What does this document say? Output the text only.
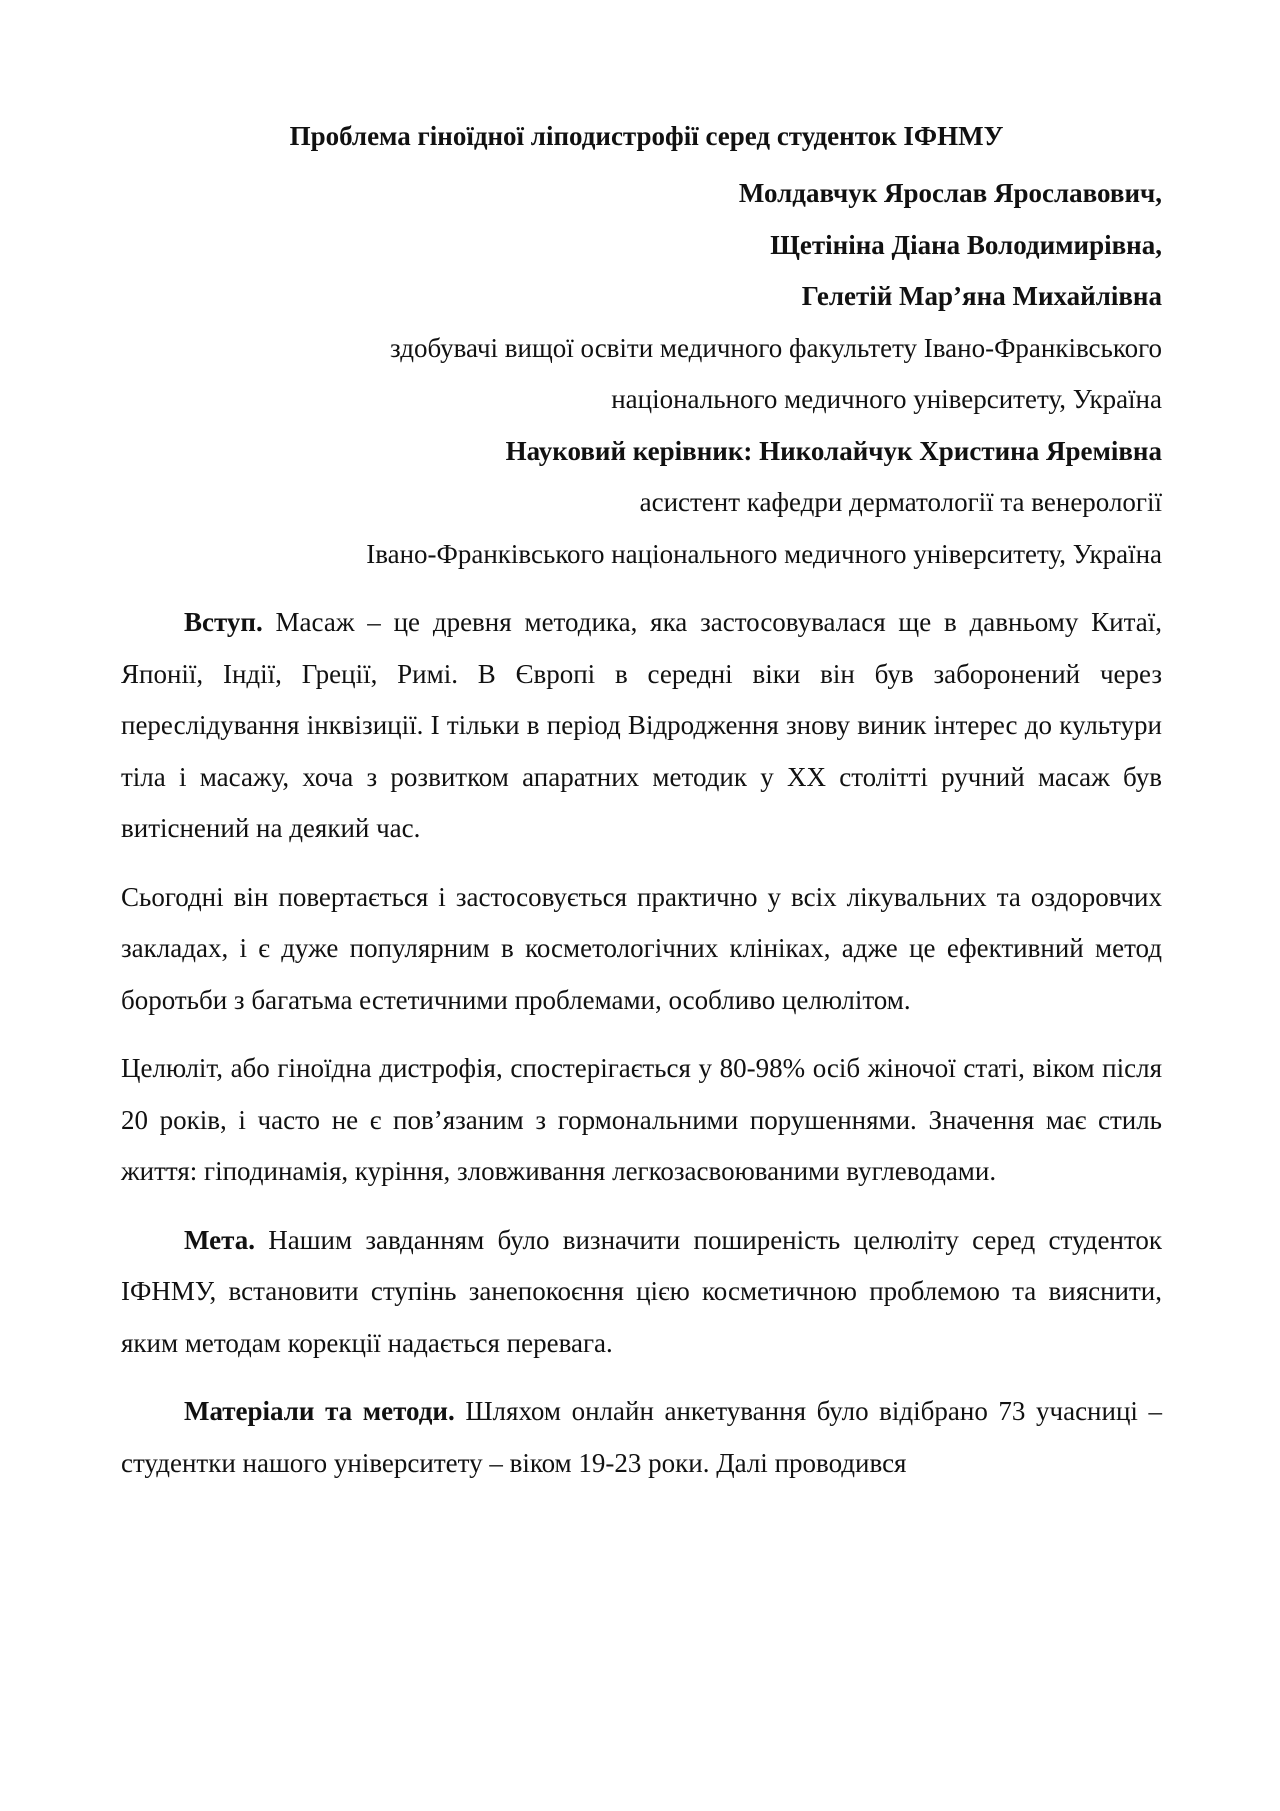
Проблема гіноїдної ліподистрофії серед студенток ІФНМУ
Молдавчук Ярослав Ярославович,
Щетініна Діана Володимирівна,
Гелетій Мар’яна Михайлівна
здобувачі вищої освіти медичного факультету Івано-Франківського
національного медичного університету, Україна
Науковий керівник: Николайчук Христина Яремівна
асистент кафедри дерматології та венерології
Івано-Франківського національного медичного університету, Україна

Вступ. Масаж – це древня методика, яка застосовувалася ще в давньому Китаї, Японії, Індії, Греції, Римі. В Європі в середні віки він був заборонений через переслідування інквізиції. І тільки в період Відродження знову виник інтерес до культури тіла і масажу, хоча з розвитком апаратних методик у XX столітті ручний масаж був витіснений на деякий час.

Сьогодні він повертається і застосовується практично у всіх лікувальних та оздоровчих закладах, і є дуже популярним в косметологічних клініках, адже це ефективний метод боротьби з багатьма естетичними проблемами, особливо целюлітом.

Целюліт, або гіноїдна дистрофія, спостерігається у 80-98% осіб жіночої статі, віком після 20 років, і часто не є пов’язаним з гормональними порушеннями. Значення має стиль життя: гіподинамія, куріння, зловживання легкозасвоюваними вуглеводами.

Мета. Нашим завданням було визначити поширеність целюліту серед студенток ІФНМУ, встановити ступінь занепокоєння цією косметичною проблемою та вияснити, яким методам корекції надається перевага.

Матеріали та методи. Шляхом онлайн анкетування було відібрано 73 учасниці – студентки нашого університету – віком 19-23 роки. Далі проводився
